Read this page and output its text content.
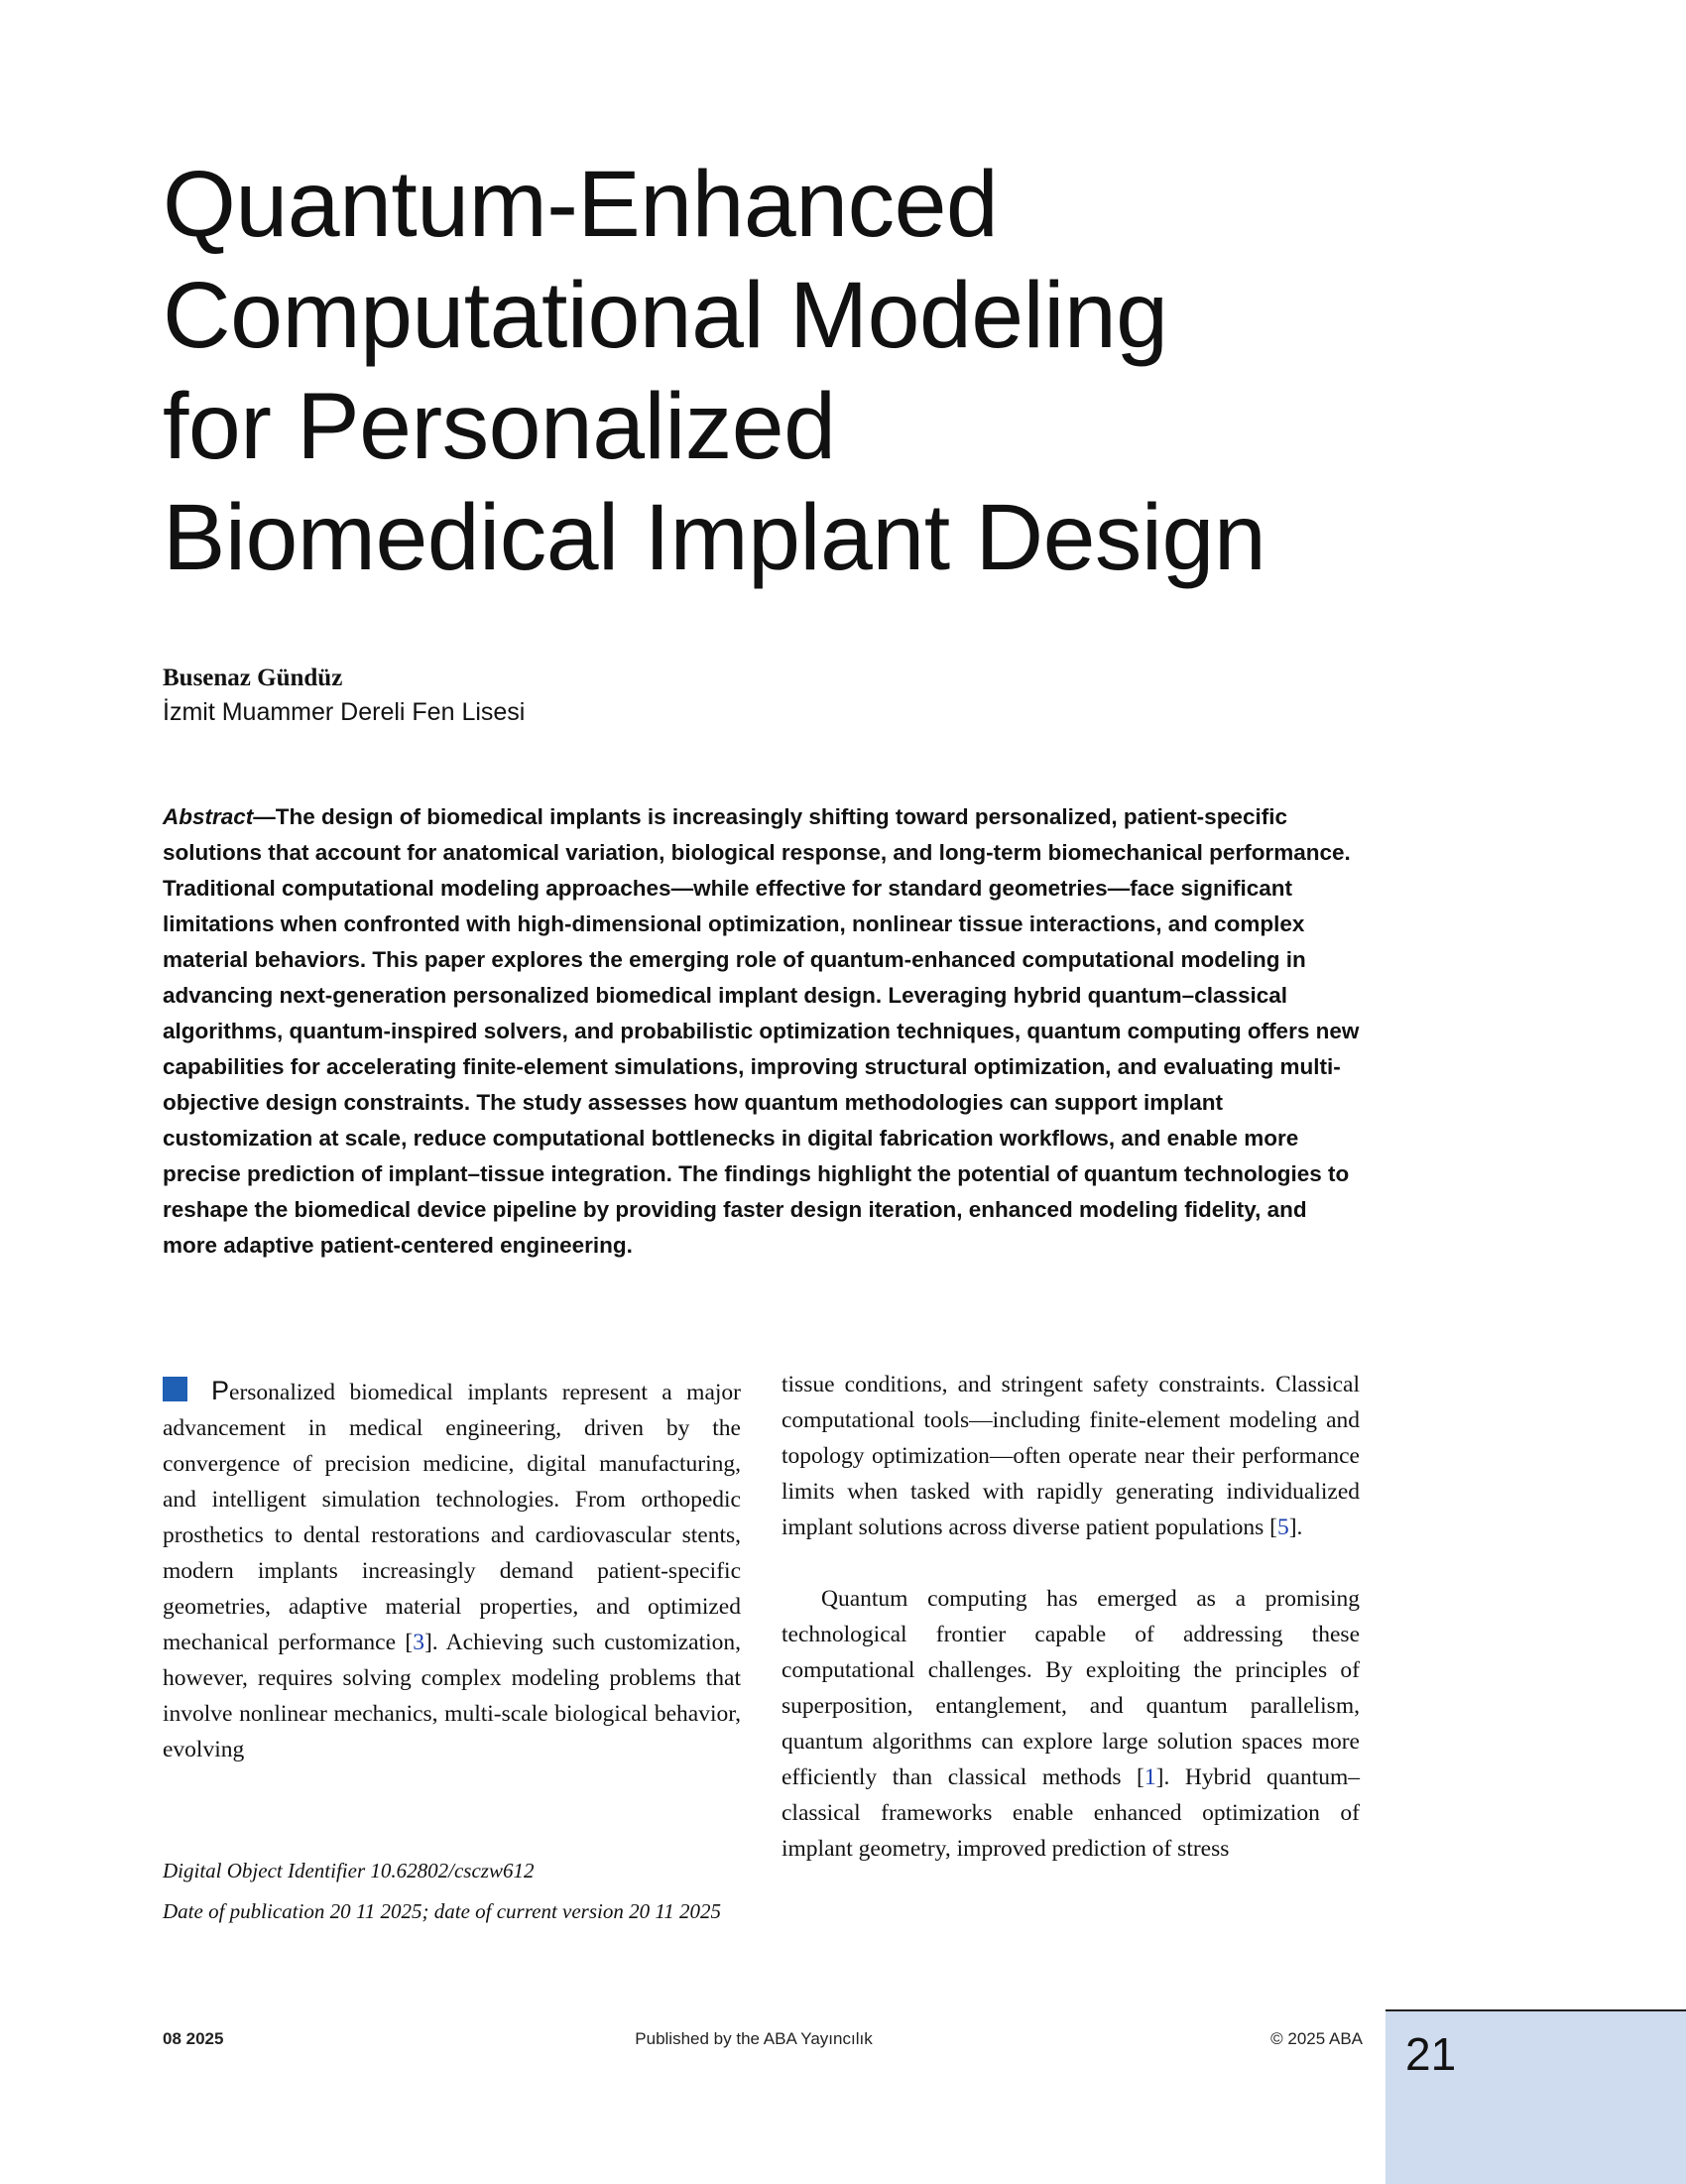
Quantum-Enhanced
Computational Modeling
for Personalized
Biomedical Implant Design
Busenaz Gündüz
İzmit Muammer Dereli Fen Lisesi

Abstract—The design of biomedical implants is increasingly shifting toward personalized, patient-specific solutions that account for anatomical variation, biological response, and long-term biomechanical performance. Traditional computational modeling approaches—while effective for standard geometries—face significant limitations when confronted with high-dimensional optimization, nonlinear tissue interactions, and complex material behaviors. This paper explores the emerging role of quantum-enhanced computational modeling in advancing next-generation personalized biomedical implant design. Leveraging hybrid quantum–classical algorithms, quantum-inspired solvers, and probabilistic optimization techniques, quantum computing offers new capabilities for accelerating finite-element simulations, improving structural optimization, and evaluating multi-objective design constraints. The study assesses how quantum methodologies can support implant customization at scale, reduce computational bottlenecks in digital fabrication workflows, and enable more precise prediction of implant–tissue integration. The findings highlight the potential of quantum technologies to reshape the biomedical device pipeline by providing faster design iteration, enhanced modeling fidelity, and more adaptive patient-centered engineering.

Personalized biomedical implants represent a major advancement in medical engineering, driven by the convergence of precision medicine, digital manufacturing, and intelligent simulation technologies. From orthopedic prosthetics to dental restorations and cardiovascular stents, modern implants increasingly demand patient-specific geometries, adaptive material properties, and optimized mechanical performance [3]. Achieving such customization, however, requires solving complex modeling problems that involve nonlinear mechanics, multi-scale biological behavior, evolving

tissue conditions, and stringent safety constraints. Classical computational tools—including finite-element modeling and topology optimization—often operate near their performance limits when tasked with rapidly generating individualized implant solutions across diverse patient populations [5].

Quantum computing has emerged as a promising technological frontier capable of addressing these computational challenges. By exploiting the principles of superposition, entanglement, and quantum parallelism, quantum algorithms can explore large solution spaces more efficiently than classical methods [1]. Hybrid quantum–classical frameworks enable enhanced optimization of implant geometry, improved prediction of stress

Digital Object Identifier 10.62802/csczw612
Date of publication 20 11 2025; date of current version 20 11 2025
08 2025	Published by the ABA Yayıncılık	© 2025 ABA 21
